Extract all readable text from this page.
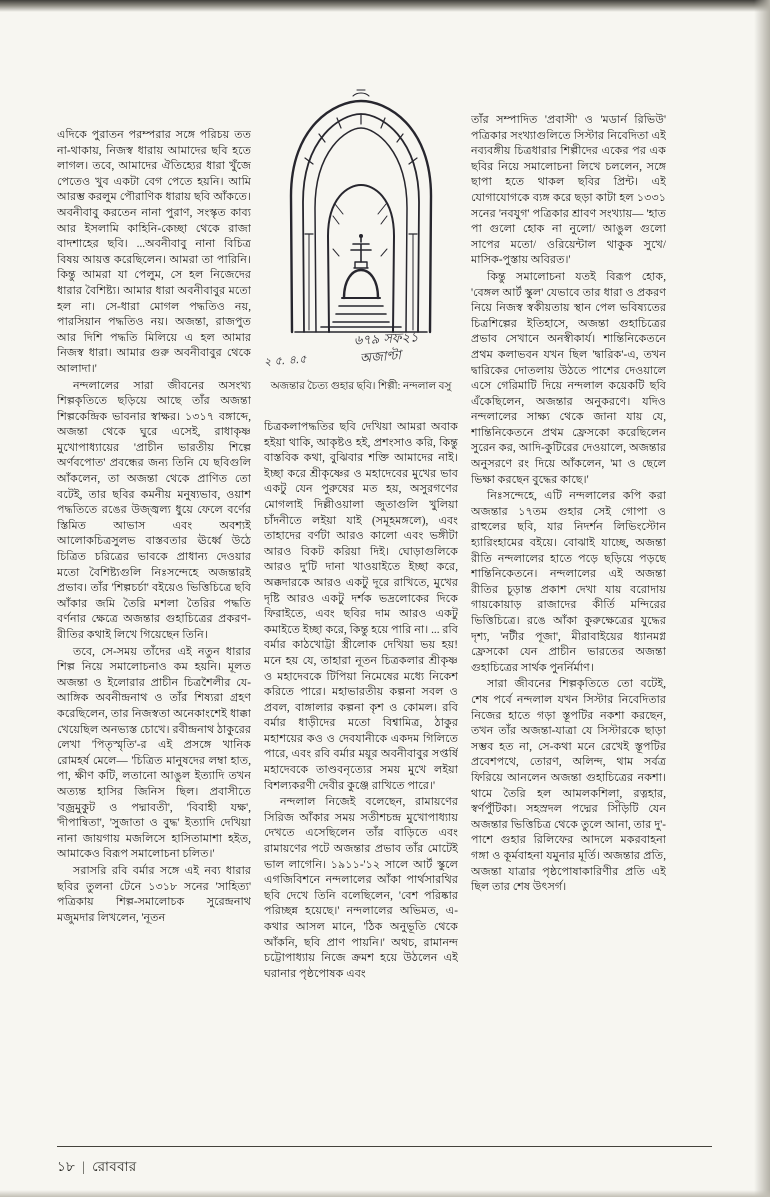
২ ৫. ৪.৫
৬৭৯ সফ২১
অজাণ্টা
অজন্তার চৈত্য গুহার ছবি। শিল্পী: নন্দলাল বসু

এদিকে পুরাতন পরম্পরার সঙ্গে পরিচয় তত না-থাকায়, নিজস্ব ধারায় আমাদের ছবি হতে লাগল। তবে, আমাদের ঐতিহ্যের ধারা খুঁজে পেতেও খুব একটা বেগ পেতে হয়নি। আমি আরম্ভ করলুম পৌরাণিক ধারায় ছবি আঁকতে। অবনীবাবু করতেন নানা পুরাণ, সংস্কৃত কাব্য আর ইসলামি কাহিনি-কেচ্ছা থেকে রাজা বাদশাহের ছবি। ...অবনীবাবু নানা বিচিত্র বিষয় আয়ত্ত করেছিলেন। আমরা তা পারিনি। কিন্তু আমরা যা পেলুম, সে হল নিজেদের ধারার বৈশিষ্ট্য। আমার ধারা অবনীবাবুর মতো হল না। সে-ধারা মোগল পদ্ধতিও নয়, পারসিয়ান পদ্ধতিও নয়। অজন্তা, রাজপুত আর দিশি পদ্ধতি মিলিয়ে এ হল আমার নিজস্ব ধারা। আমার গুরু অবনীবাবুর থেকে আলাদা।'

নন্দলালের সারা জীবনের অসংখ্য শিল্পকৃতিতে ছড়িয়ে আছে তাঁর অজন্তা শিল্পকেন্দ্রিক ভাবনার স্বাক্ষর। ১৩১৭ বঙ্গাব্দে, অজন্তা থেকে ঘুরে এসেই, রাধাকৃষ্ণ মুখোপাধ্যায়ের 'প্রাচীন ভারতীয় শিল্পে অর্ণবপোত' প্রবন্ধের জন্য তিনি যে ছবিগুলি আঁকলেন, তা অজন্তা থেকে প্রাণিত তো বটেই, তার ছবির কমনীয় মনুষ্যভাব, ওয়াশ পদ্ধতিতে রঙের উজ্জ্বল্য ধুয়ে ফেলে বর্ণের স্তিমিত আভাস এবং অবশ্যই আলোকচিত্রসুলভ বাস্তবতার ঊর্ধ্বে উঠে চিত্রিত চরিত্রের ভাবকে প্রাধান্য দেওয়ার মতো বৈশিষ্ট্যগুলি নিঃসন্দেহে অজন্তারই প্রভাব। তাঁর 'শিল্পচর্চা' বইয়েও ভিত্তিচিত্রে ছবি আঁকার জমি তৈরি মশলা তৈরির পদ্ধতি বর্ণনার ক্ষেত্রে অজন্তার গুহাচিত্রের প্রকরণ-রীতির কথাই লিখে গিয়েছেন তিনি।

তবে, সে-সময় তাঁদের এই নতুন ধারার শিল্প নিয়ে সমালোচনাও কম হয়নি। মূলত অজন্তা ও ইলোরার প্রাচীন চিত্রশৈলীর যে-আঙ্গিক অবনীন্দ্রনাথ ও তাঁর শিষ্যরা গ্রহণ করেছিলেন, তার নিজস্বতা অনেকাংশেই ধাক্কা খেয়েছিল অনভ্যস্ত চোখে। রবীন্দ্রনাথ ঠাকুরের লেখা 'পিতৃস্মৃতি'-র এই প্রসঙ্গে খানিক রোমহর্ষ মেলে— 'চিত্রিত মানুষদের লম্বা হাত, পা, ক্ষীণ কটি, লতানো আঙুল ইত্যাদি তখন অত্যন্ত হাসির জিনিস ছিল। প্রবাসীতে 'বজ্রমুকুট ও পদ্মাবতী', 'বিবাহী যক্ষ', 'দীপান্বিতা', 'সুজাতা ও বুদ্ধ' ইত্যাদি দেখিয়া নানা জায়গায় মজলিসে হাসিতামাশা হইত, আমাকেও বিরূপ সমালোচনা চলিত।'

সরাসরি রবি বর্মার সঙ্গে এই নব্য ধারার ছবির তুলনা টেনে ১৩১৮ সনের 'সাহিত্য' পত্রিকায় শিল্প-সমালোচক সুরেন্দ্রনাথ মজুমদার লিখলেন, 'নূতন

চিত্রকলাপদ্ধতির ছবি দেখিয়া আমরা অবাক হইয়া থাকি, আকৃষ্টও হই, প্রশংসাও করি, কিন্তু বাস্তবিক কথা, বুঝিবার শক্তি আমাদের নাই। ইচ্ছা করে শ্রীকৃষ্ণের ও মহাদেবের মুখের ভাব একটু যেন পুরুষের মত হয়, অসুরগণের মোগলাই দিল্লীওয়ালা জুতাগুলি খুলিয়া চাঁদনীতে লইয়া যাই (সমূহমঙ্গলে), এবং তাহাদের বর্ণটা আরও কালো এবং ভঙ্গীটা আরও বিকট করিয়া দিই। ঘোড়াগুলিকে আরও দু'টি দানা খাওয়াইতে ইচ্ছা করে, অক্কদারকে আরও একটু দূরে রাখিতে, মুখের দৃষ্টি আরও একটু দর্শক ভদ্রলোকের দিকে ফিরাইতে, এবং ছবির দাম আরও একটু কমাইতে ইচ্ছা করে, কিন্তু হয়ে পারি না। ... রবি বর্মার কাঠখোট্টা স্ত্রীলোক দেখিয়া ভয় হয়! মনে হয় যে, তাহারা নূতন চিত্রকলার শ্রীকৃষ্ণ ও মহাদেবকে টিপিয়া নিমেষের মধ্যে নিকেশ করিতে পারে। মহাভারতীয় কল্পনা সবল ও প্রবল, বাঙ্গালার কল্পনা কৃশ ও কোমল। রবি বর্মার ধাড়ীদের মতো বিশ্বামিত্র, ঠাকুর মহাশয়ের কও ও দেবযানীকে একদম গিলিতে পারে, এবং রবি বর্মার ময়ূর অবনীবাবুর সপ্তর্ষি মহাদেবকে তাণ্ডবনৃত্যের সময় মুখে লইয়া বিশল্যকরণী দেবীর কুঞ্জে রাখিতে পারে।'

নন্দলাল নিজেই বলেছেন, রামায়ণের সিরিজ আঁকার সময় সতীশচন্দ্র মুখোপাধ্যায় দেখতে এসেছিলেন তাঁর বাড়িতে এবং রামায়ণের পটে অজন্তার প্রভাব তাঁর মোটেই ভাল লাগেনি। ১৯১১-'১২ সালে আর্ট স্কুলে এগজিবিশনে নন্দলালের আঁকা পার্থসারথির ছবি দেখে তিনি বলেছিলেন, 'বেশ পরিষ্কার পরিচ্ছন্ন হয়েছে।' নন্দলালের অভিমত, এ-কথার আসল মানে, 'ঠিক অনুভূতি থেকে আঁকনি, ছবি প্রাণ পায়নি।' অথচ, রামানন্দ চট্টোপাধ্যায় নিজে ক্রমশ হয়ে উঠলেন এই ঘরানার পৃষ্ঠপোষক এবং

তাঁর সম্পাদিত 'প্রবাসী' ও 'মডার্ন রিভিউ' পত্রিকার সংখ্যাগুলিতে সিস্টার নিবেদিতা এই নব্যবঙ্গীয় চিত্রধারার শিল্পীদের একের পর এক ছবির নিয়ে সমালোচনা লিখে চললেন, সঙ্গে ছাপা হতে থাকল ছবির প্রিন্ট। এই যোগাযোগকে ব্যঙ্গ করে ছড়া কাটা হল ১৩৩১ সনের 'নবযুগ' পত্রিকার শ্রাবণ সংখ্যায়— 'হাত পা গুলো হোক না নুলো/ আঙুল গুলো সাপের মতো/ ওরিয়েন্টাল থাকুক সুখে/ মাসিক-পুস্তায় অবিরত।'

কিন্তু সমালোচনা যতই বিরূপ হোক, 'বেঙ্গল আর্ট স্কুল' যেভাবে তার ধারা ও প্রকরণ নিয়ে নিজস্ব স্বকীয়তায় স্থান পেল ভবিষ্যতের চিত্রশিল্পের ইতিহাসে, অজন্তা গুহাচিত্রের প্রভাব সেখানে অনস্বীকার্য। শান্তিনিকেতনে প্রথম কলাভবন যখন ছিল 'দ্বারিক'-এ, তখন দ্বারিকের দোতলায় উঠতে পাশের দেওয়ালে এসে গেরিমাটি দিয়ে নন্দলাল কয়েকটি ছবি এঁকেছিলেন, অজন্তার অনুকরণে। যদিও নন্দলালের সাক্ষ্য থেকে জানা যায় যে, শান্তিনিকেতনে প্রথম ফ্রেসকো করেছিলেন সুরেন কর, আদি-কুটিরের দেওয়ালে, অজন্তার অনুসরণে রং দিয়ে আঁকলেন, 'মা ও ছেলে ভিক্ষা করছেন বুদ্ধের কাছে।'

নিঃসন্দেহে, এটি নন্দলালের কপি করা অজন্তার ১৭তম গুহার সেই গোপা ও রাহুলের ছবি, যার নিদর্শন লিভিংস্টোন হ্যারিংহামের বইয়ে। বোঝাই যাচ্ছে, অজন্তা রীতি নন্দলালের হাতে পড়ে ছড়িয়ে পড়ছে শান্তিনিকেতনে। নন্দলালের এই অজন্তা রীতির চূড়ান্ত প্রকাশ দেখা যায় বরোদায় গায়কোয়াড় রাজাদের কীর্তি মন্দিরের ভিত্তিচিত্রে। রঙে আঁকা কুরুক্ষেত্রের যুদ্ধের দৃশ্য, 'নটীর পূজা', মীরাবাইয়ের ধ্যানমগ্ন ফ্রেসকো যেন প্রাচীন ভারতের অজন্তা গুহাচিত্রের সার্থক পুনর্নির্মাণ।

সারা জীবনের শিল্পকৃতিতে তো বটেই, শেষ পর্বে নন্দলাল যখন সিস্টার নিবেদিতার নিজের হাতে গড়া স্তূপটির নকশা করছেন, তখন তাঁর অজন্তা-যাত্রা যে সিস্টারকে ছাড়া সম্ভব হত না, সে-কথা মনে রেখেই স্তূপটির প্রবেশপথে, তোরণ, অলিন্দ, থাম সর্বত্র ফিরিয়ে আনলেন অজন্তা গুহাচিত্রের নকশা। থামে তৈরি হল আমলকশিলা, রত্নহার, স্বর্ণপুঁটিকা। সহস্রদল পদ্মের সিঁড়িটি যেন অজন্তার ভিত্তিচিত্র থেকে তুলে আনা, তার দু'-পাশে গুহার রিলিফের আদলে মকরবাহনা গঙ্গা ও কূর্মবাহনা যমুনার মূর্তি। অজন্তার প্রতি, অজন্তা যাত্রার পৃষ্ঠপোষাকারিণীর প্রতি এই ছিল তার শেষ উৎসর্গ।

১৮ | রোববার
